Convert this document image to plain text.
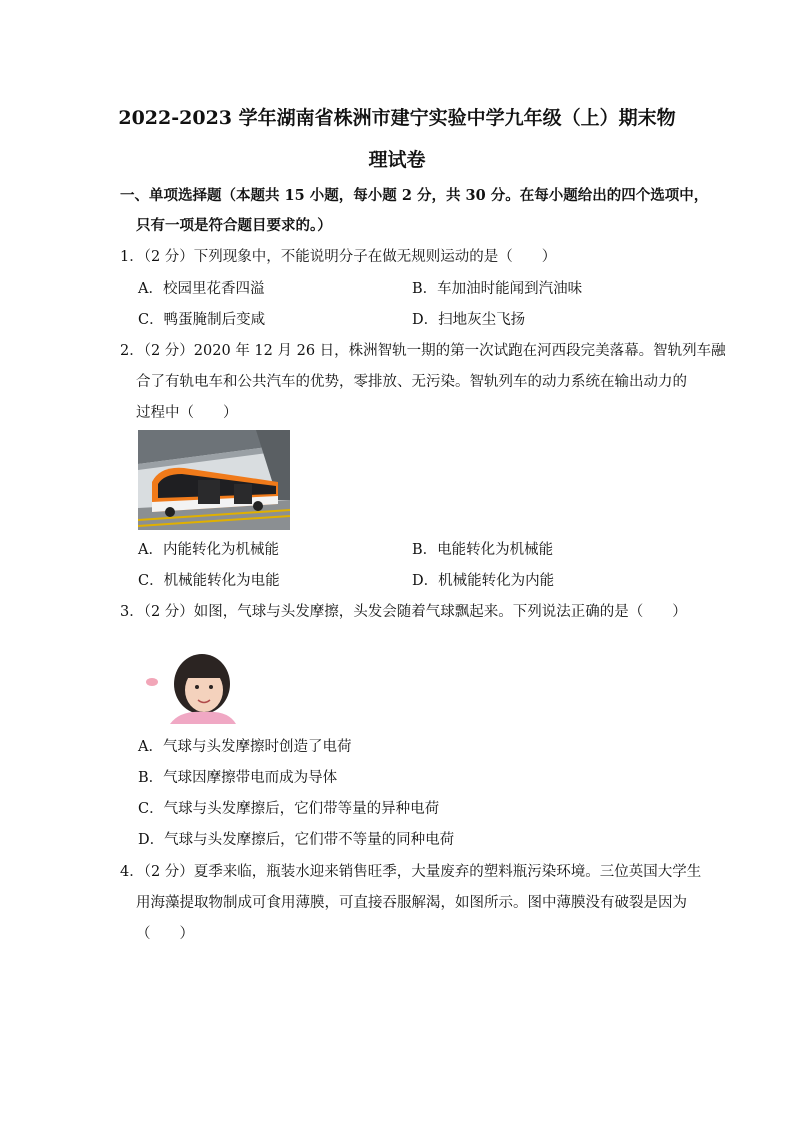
2022-2023 学年湖南省株洲市建宁实验中学九年级（上）期末物
理试卷
一、单项选择题（本题共 15 小题，每小题 2 分，共 30 分。在每小题给出的四个选项中，
只有一项是符合题目要求的。）
1．（2 分）下列现象中，不能说明分子在做无规则运动的是（　　）
A．校园里花香四溢	B．车加油时能闻到汽油味
C．鸭蛋腌制后变咸	D．扫地灰尘飞扬
2．（2 分）2020 年 12 月 26 日，株洲智轨一期的第一次试跑在河西段完美落幕。智轨列车融
合了有轨电车和公共汽车的优势，零排放、无污染。智轨列车的动力系统在输出动力的
过程中（　　）
A．内能转化为机械能	B．电能转化为机械能
C．机械能转化为电能	D．机械能转化为内能
3．（2 分）如图，气球与头发摩擦，头发会随着气球飘起来。下列说法正确的是（　　）
A．气球与头发摩擦时创造了电荷
B．气球因摩擦带电而成为导体
C．气球与头发摩擦后，它们带等量的异种电荷
D．气球与头发摩擦后，它们带不等量的同种电荷
4．（2 分）夏季来临，瓶装水迎来销售旺季，大量废弃的塑料瓶污染环境。三位英国大学生
用海藻提取物制成可食用薄膜，可直接吞服解渴，如图所示。图中薄膜没有破裂是因为
（　　）
